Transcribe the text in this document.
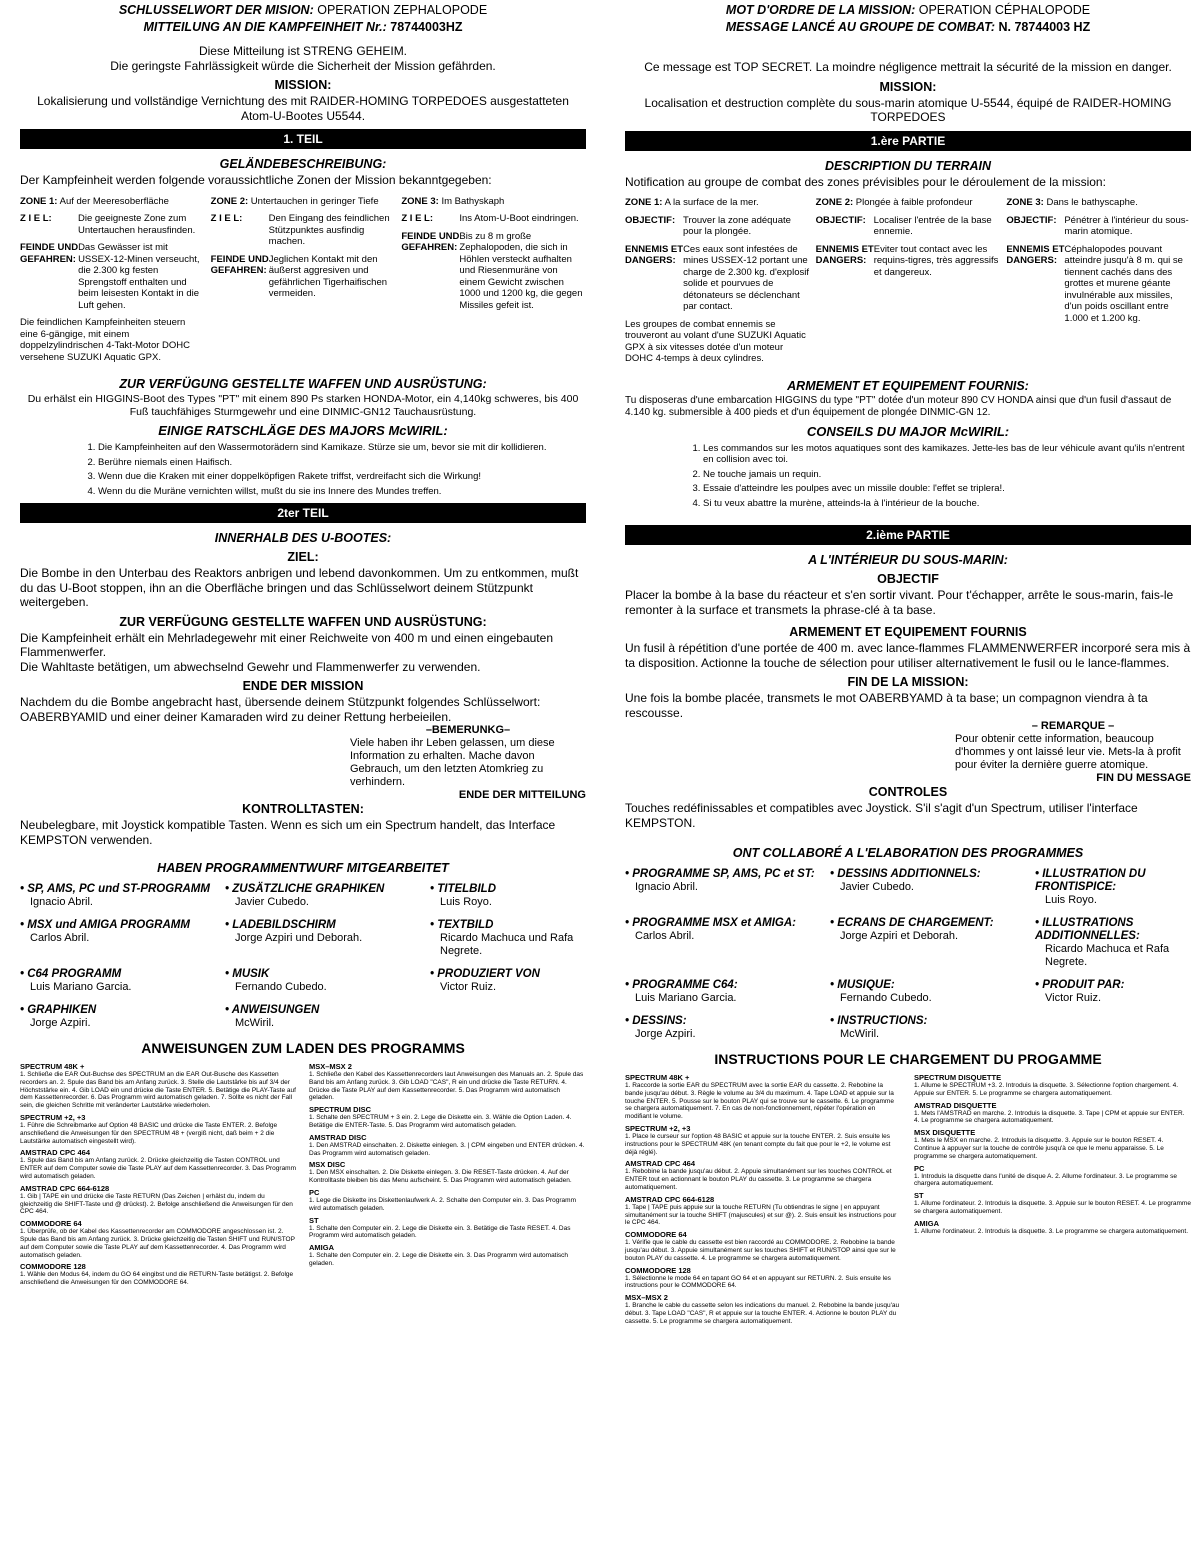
SCHLUSSELWORT DER MISION: OPERATION ZEPHALOPODE

MITTEILUNG AN DIE KAMPFEINHEIT Nr.: 78744003HZ

Diese Mitteilung ist STRENG GEHEIM.

Die geringste Fahrlässigkeit würde die Sicherheit der Mission gefährden.

MISSION:

Lokalisierung und vollständige Vernichtung des mit RAIDER-HOMING TORPEDOES ausgestatteten Atom-U-Bootes U5544.

1. TEIL

GELÄNDEBESCHREIBUNG:

Der Kampfeinheit werden folgende voraussichtliche Zonen der Mission bekanntgegeben:

ZONE 1: Auf der Meeresoberfläche
Z I E L:	Die geeigneste Zone zum Untertauchen herausfinden.
FEINDE UND
GEFAHREN:
Das Gewässer ist mit USSEX-12-Minen verseucht, die 2.300 kg festen Sprengstoff enthalten und beim leisesten Kontakt in die Luft gehen.
Die feindlichen Kampfeinheiten steuern eine 6-gängige, mit einem doppelzylindrischen 4-Takt-Motor DOHC versehene SUZUKI Aquatic GPX.
ZONE 2: Untertauchen in geringer Tiefe
Z I E L:	Den Eingang des feindlichen Stützpunktes ausfindig machen.
FEINDE UND
GEFAHREN:
Jeglichen Kontakt mit den äußerst aggresiven und gefährlichen Tigerhaifischen vermeiden.
ZONE 3: Im Bathyskaph
Z I E L:	Ins Atom-U-Boot eindringen.
FEINDE UND
GEFAHREN:
Bis zu 8 m große Zephalopoden, die sich in Höhlen versteckt aufhalten und Riesenmuräne von einem Gewicht zwischen 1000 und 1200 kg, die gegen Missiles gefeit ist.

ZUR VERFÜGUNG GESTELLTE WAFFEN UND AUSRÜSTUNG:

Du erhälst ein HIGGINS-Boot des Types "PT" mit einem 890 Ps starken HONDA-Motor, ein 4,140kg schweres, bis 400 Fuß tauchfähiges Sturmgewehr und eine DINMIC-GN12 Tauchausrüstung.

EINIGE RATSCHLÄGE DES MAJORS McWIRIL:

1. Die Kampfeinheiten auf den Wassermotorädern sind Kamikaze. Stürze sie um, bevor sie mit dir kollidieren.
2. Berühre niemals einen Haifisch.
3. Wenn due die Kraken mit einer doppelköpfigen Rakete triffst, verdreifacht sich die Wirkung!
4. Wenn du die Muräne vernichten willst, mußt du sie ins Innere des Mundes treffen.
2ter TEIL

INNERHALB DES U-BOOTES:

ZIEL:

Die Bombe in den Unterbau des Reaktors anbrigen und lebend davonkommen. Um zu entkommen, mußt du das U-Boot stoppen, ihn an die Oberfläche bringen und das Schlüsselwort deinem Stützpunkt weitergeben.

ZUR VERFÜGUNG GESTELLTE WAFFEN UND AUSRÜSTUNG:

Die Kampfeinheit erhält ein Mehrladegewehr mit einer Reichweite von 400 m und einen eingebauten Flammenwerfer.

Die Wahltaste betätigen, um abwechselnd Gewehr und Flammenwerfer zu verwenden.

ENDE DER MISSION

Nachdem du die Bombe angebracht hast, übersende deinem Stützpunkt folgendes Schlüsselwort: OABERBYAMID und einer deiner Kamaraden wird zu deiner Rettung herbeieilen.

–BEMERUNKG–

Viele haben ihr Leben gelassen, um diese Information zu erhalten. Mache davon Gebrauch, um den letzten Atomkrieg zu verhindern.

ENDE DER MITTEILUNG

KONTROLLTASTEN:

Neubelegbare, mit Joystick kompatible Tasten. Wenn es sich um ein Spectrum handelt, das Interface KEMPSTON verwenden.

HABEN PROGRAMMENTWURF MITGEARBEITET

• SP, AMS, PC und ST-PROGRAMM
Ignacio Abril.
• ZUSÄTZLICHE GRAPHIKEN
Javier Cubedo.
• TITELBILD
Luis Royo.
• MSX und AMIGA PROGRAMM
Carlos Abril.
• LADEBILDSCHIRM
Jorge Azpiri und Deborah.
• TEXTBILD
Ricardo Machuca und Rafa Negrete.
• C64 PROGRAMM
Luis Mariano Garcia.
• MUSIK
Fernando Cubedo.
• PRODUZIERT VON
Victor Ruiz.
• GRAPHIKEN
Jorge Azpiri.
• ANWEISUNGEN
McWiril.

ANWEISUNGEN ZUM LADEN DES PROGRAMMS

SPECTRUM 48K +
1. Schließe die EAR Out-Buchse des SPECTRUM an die EAR Out-Busche des Kassetten recorders an. 2. Spule das Band bis am Anfang zurück. 3. Stelle die Lautstärke bis auf 3/4 der Höchststärke ein. 4. Gib LOAD ein und drücke die Taste ENTER. 5. Betätige die PLAY-Taste auf dem Kassettenrecorder. 6. Das Programm wird automatisch geladen. 7. Sollte es nicht der Fall sein, die gleichen Schritte mit veränderter Lautstärke wiederholen.
SPECTRUM +2, +3
1. Führe die Schreibmarke auf Option 48 BASIC und drücke die Taste ENTER. 2. Befolge anschließend die Anweisungen für den SPECTRUM 48 + (vergiß nicht, daß beim + 2 die Lautstärke automatisch eingestellt wird).
AMSTRAD CPC 464
1. Spule das Band bis am Anfang zurück. 2. Drücke gleichzeitig die Tasten CONTROL und ENTER auf dem Computer sowie die Taste PLAY auf dem Kassettenrecorder. 3. Das Programm wird automatisch geladen.
AMSTRAD CPC 664-6128
1. Gib | TAPE ein und drücke die Taste RETURN (Das Zeichen | erhälst du, indem du gleichzeitig die SHIFT-Taste und @ drückst). 2. Befolge anschließend die Anweisungen für den CPC 464.
COMMODORE 64
1. Überprüfe, ob der Kabel des Kassettenrecorder am COMMODORE angeschlossen ist. 2. Spule das Band bis am Anfang zurück. 3. Drücke gleichzeitig die Tasten SHIFT und RUN/STOP auf dem Computer sowie die Taste PLAY auf dem Kassettenrecorder. 4. Das Programm wird automatisch geladen.
COMMODORE 128
1. Wähle den Modus 64, indem du GO 64 eingibst und die RETURN-Taste betätigst. 2. Befolge anschließend die Anweisungen für den COMMODORE 64.
MSX–MSX 2
1. Schließe den Kabel des Kassettenrecorders laut Anweisungen des Manuals an. 2. Spule das Band bis am Anfang zurück. 3. Gib LOAD "CAS", R ein und drücke die Taste RETURN. 4. Drücke die Taste PLAY auf dem Kassettenrecorder. 5. Das Programm wird automatisch geladen.
SPECTRUM DISC
1. Schalte den SPECTRUM + 3 ein. 2. Lege die Diskette ein. 3. Wähle die Option Laden. 4. Betätige die ENTER-Taste. 5. Das Programm wird automatisch geladen.
AMSTRAD DISC
1. Den AMSTRAD einschalten. 2. Diskette einlegen. 3. | CPM eingeben und ENTER drücken. 4. Das Programm wird automatisch geladen.
MSX DISC
1. Den MSX einschalten. 2. Die Diskette einlegen. 3. Die RESET-Taste drücken. 4. Auf der Kontrolltaste bleiben bis das Menu aufscheint. 5. Das Programm wird automatisch geladen.
PC
1. Lege die Diskette ins Diskettenlaufwerk A. 2. Schalte den Computer ein. 3. Das Programm wird automatisch geladen.
ST
1. Schalte den Computer ein. 2. Lege die Diskette ein. 3. Betätige die Taste RESET. 4. Das Programm wird automatisch geladen.
AMIGA
1. Schalte den Computer ein. 2. Lege die Diskette ein. 3. Das Programm wird automatisch geladen.

MOT D'ORDRE DE LA MISSION: OPERATION CÉPHALOPODE

MESSAGE LANCÉ AU GROUPE DE COMBAT: N. 78744003 HZ

Ce message est TOP SECRET. La moindre négligence mettrait la sécurité de la mission en danger.

MISSION:

Localisation et destruction complète du sous-marin atomique U-5544, équipé de RAIDER-HOMING TORPEDOES

1.ère PARTIE

DESCRIPTION DU TERRAIN

Notification au groupe de combat des zones prévisibles pour le déroulement de la mission:

ZONE 1: A la surface de la mer.
OBJECTIF: Trouver la zone adéquate pour la plongée.
ENNEMIS ET
DANGERS:
Ces eaux sont infestées de mines USSEX-12 portant une charge de 2.300 kg. d'explosif solide et pourvues de détonateurs se déclenchant par contact.
Les groupes de combat ennemis se trouveront au volant d'une SUZUKI Aquatic GPX à six vitesses dotée d'un moteur DOHC 4-temps à deux cylindres.
ZONE 2: Plongée à faible profondeur
OBJECTIF: Localiser l'entrée de la base ennemie.
ENNEMIS ET
DANGERS:
Eviter tout contact avec les requins-tigres, très aggressifs et dangereux.
ZONE 3: Dans le bathyscaphe.
OBJECTIF: Pénétrer à l'intérieur du sous-marin atomique.
ENNEMIS ET
DANGERS:
Céphalopodes pouvant atteindre jusqu'à 8 m. qui se tiennent cachés dans des grottes et murene géante invulnérable aux missiles, d'un poids oscillant entre 1.000 et 1.200 kg.

ARMEMENT ET EQUIPEMENT FOURNIS:

Tu disposeras d'une embarcation HIGGINS du type "PT" dotée d'un moteur 890 CV HONDA ainsi que d'un fusil d'assaut de 4.140 kg. submersible à 400 pieds et d'un équipement de plongée DINMIC-GN 12.

CONSEILS DU MAJOR McWIRIL:

1. Les commandos sur les motos aquatiques sont des kamikazes. Jette-les bas de leur véhicule avant qu'ils n'entrent en collision avec toi.
2. Ne touche jamais un requin.
3. Essaie d'atteindre les poulpes avec un missile double: l'effet se triplera!.
4. Si tu veux abattre la murène, atteinds-la à l'intérieur de la bouche.
2.ième PARTIE

A L'INTÉRIEUR DU SOUS-MARIN:

OBJECTIF

Placer la bombe à la base du réacteur et s'en sortir vivant. Pour t'échapper, arrête le sous-marin, fais-le remonter à la surface et transmets la phrase-clé à ta base.

ARMEMENT ET EQUIPEMENT FOURNIS

Un fusil à répétition d'une portée de 400 m. avec lance-flammes FLAMMENWERFER incorporé sera mis à ta disposition. Actionne la touche de sélection pour utiliser alternativement le fusil ou le lance-flammes.

FIN DE LA MISSION:

Une fois la bombe placée, transmets le mot OABERBYAMD à ta base; un compagnon viendra à ta rescousse.

– REMARQUE –

Pour obtenir cette information, beaucoup d'hommes y ont laissé leur vie. Mets-la à profit pour éviter la dernière guerre atomique.

FIN DU MESSAGE

CONTROLES

Touches redéfinissables et compatibles avec Joystick. S'il s'agit d'un Spectrum, utiliser l'interface KEMPSTON.

ONT COLLABORÉ A L'ELABORATION DES PROGRAMMES

• PROGRAMME SP, AMS, PC et ST:
Ignacio Abril.
• DESSINS ADDITIONNELS:
Javier Cubedo.
• ILLUSTRATION DU FRONTISPICE:
Luis Royo.
• PROGRAMME MSX et AMIGA:
Carlos Abril.
• ECRANS DE CHARGEMENT:
Jorge Azpiri et Deborah.
• ILLUSTRATIONS ADDITIONNELLES:
Ricardo Machuca et Rafa Negrete.
• PROGRAMME C64:
Luis Mariano Garcia.
• MUSIQUE:
Fernando Cubedo.
• PRODUIT PAR:
Victor Ruiz.
• DESSINS:
Jorge Azpiri.
• INSTRUCTIONS:
McWiril.

INSTRUCTIONS POUR LE CHARGEMENT DU PROGAMME

SPECTRUM 48K +
1. Raccorde la sortie EAR du SPECTRUM avec la sortie EAR du cassette. 2. Rebobine la bande jusqu'au début. 3. Règle le volume au 3/4 du maximum. 4. Tape LOAD et appuie sur la touche ENTER. 5. Pousse sur le bouton PLAY qui se trouve sur le cassette. 6. Le programme se chargera automatiquement. 7. En cas de non-fonctionnement, répéter l'opération en modifiant le volume.
SPECTRUM +2, +3
1. Place le curseur sur l'option 48 BASIC et appuie sur la touche ENTER. 2. Suis ensuite les instructions pour le SPECTRUM 48K (en tenant compte du fait que pour le +2, le volume est déjà réglé).
AMSTRAD CPC 464
1. Rebobine la bande jusqu'au début. 2. Appuie simultanément sur les touches CONTROL et ENTER tout en actionnant le bouton PLAY du cassette. 3. Le programme se chargera automatiquement.
AMSTRAD CPC 664-6128
1. Tape | TAPE puis appuie sur la touche RETURN (Tu obtiendras le signe | en appuyant simultanément sur la touche SHIFT (majuscules) et sur @). 2. Suis ensuit les instructions pour le CPC 464.
COMMODORE 64
1. Vérifie que le cable du cassette est bien raccordé au COMMODORE. 2. Rebobine la bande jusqu'au début. 3. Appuie simultanément sur les touches SHIFT et RUN/STOP ainsi que sur le bouton PLAY du cassette. 4. Le programme se chargera automatiquement.
COMMODORE 128
1. Sélectionne le mode 64 en tapant GO 64 et en appuyant sur RETURN. 2. Suis ensuite les instructions pour le COMMODORE 64.
MSX–MSX 2
1. Branche le cable du cassette selon les indications du manuel. 2. Rebobine la bande jusqu'au début. 3. Tape LOAD "CAS", R et appuie sur la touche ENTER. 4. Actionne le bouton PLAY du cassette. 5. Le programme se chargera automatiquement.
SPECTRUM DISQUETTE
1. Allume le SPECTRUM +3. 2. Introduis la disquette. 3. Sélectionne l'option chargement. 4. Appuie sur ENTER. 5. Le programme se chargera automatiquement.
AMSTRAD DISQUETTE
1. Mets l'AMSTRAD en marche. 2. Introduis la disquette. 3. Tape | CPM et appuie sur ENTER. 4. Le programme se chargera automatiquement.
MSX DISQUETTE
1. Mets le MSX en marche. 2. Introduis la disquette. 3. Appuie sur le bouton RESET. 4. Continue à appuyer sur la touche de contrôle jusqu'à ce que le menu apparaisse. 5. Le programme se chargera automatiquement.
PC
1. Introduis la disquette dans l'unité de disque A. 2. Allume l'ordinateur. 3. Le programme se chargera automatiquement.
ST
1. Allume l'ordinateur. 2. Introduis la disquette. 3. Appuie sur le bouton RESET. 4. Le programme se chargera automatiquement.
AMIGA
1. Allume l'ordinateur. 2. Introduis la disquette. 3. Le programme se chargera automatiquement.
